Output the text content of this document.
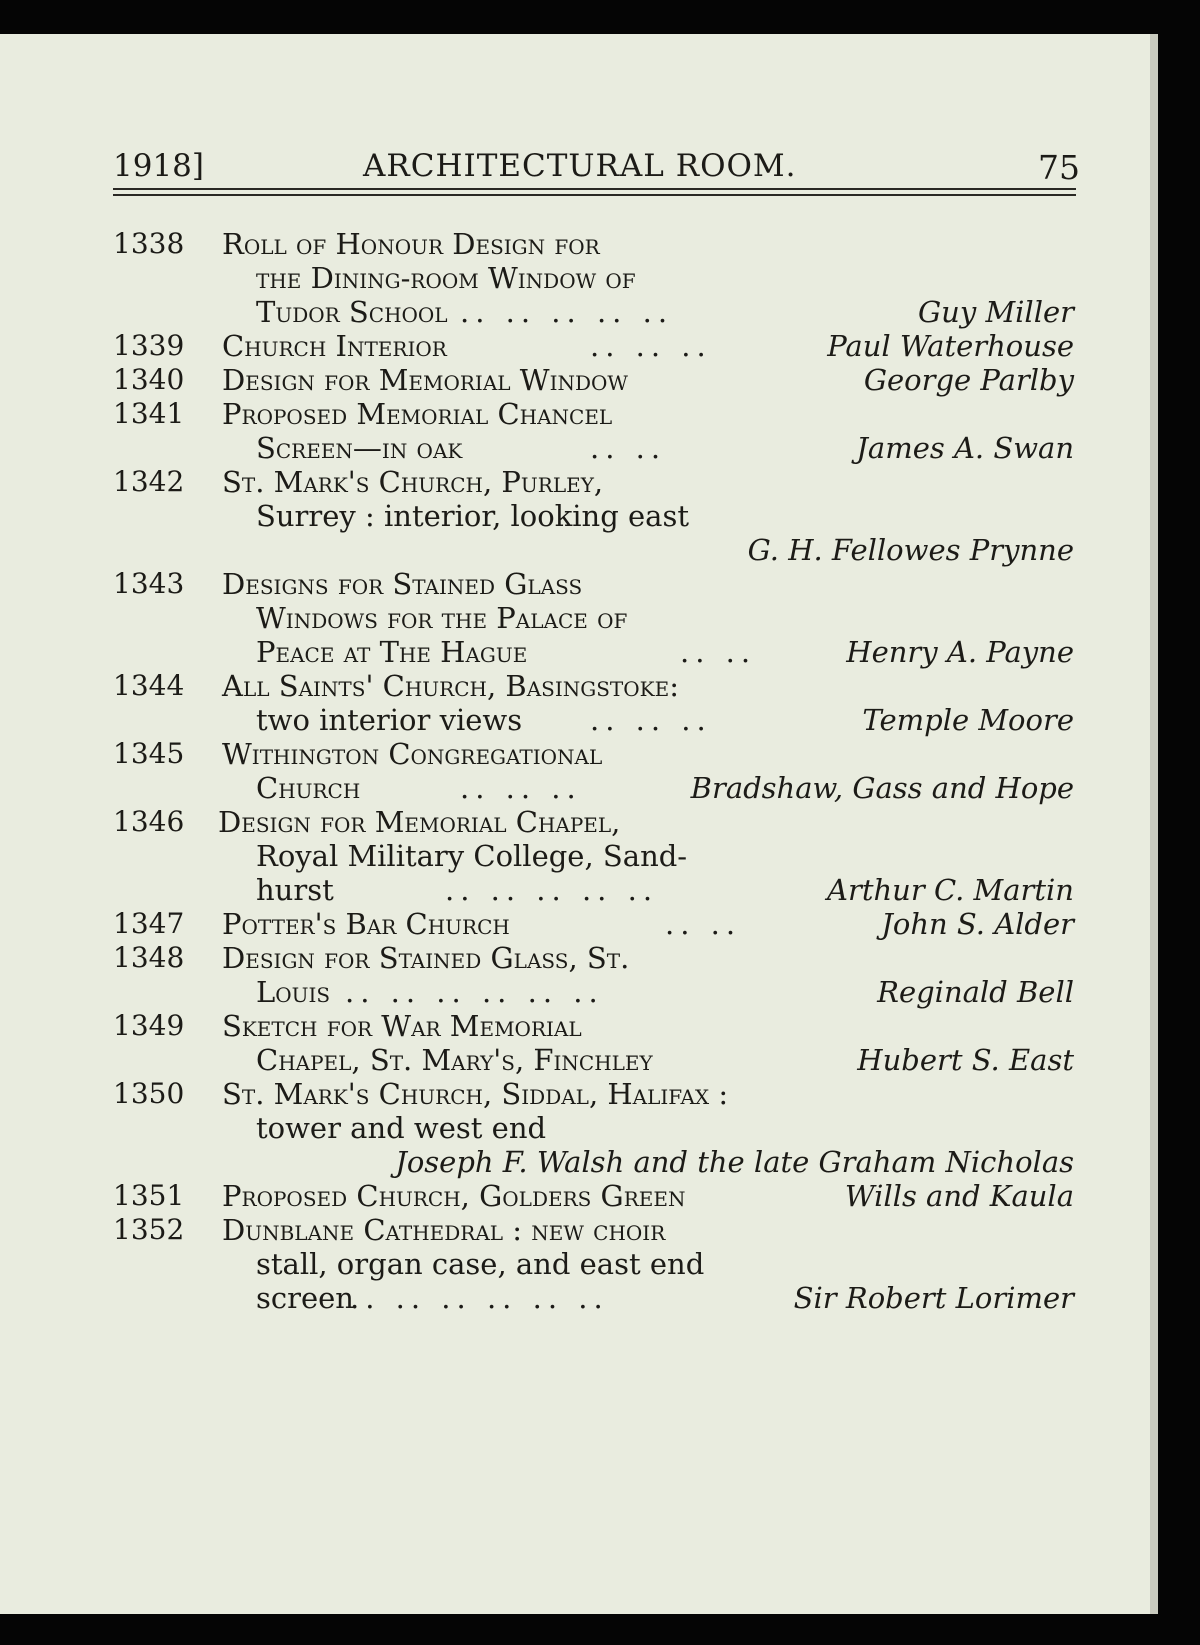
1918]	ARCHITECTURAL ROOM.	75
1338 Roll of Honour Design for
the Dining-room Window of
Tudor School .. .. .. .. ..	Guy Miller
1339 Church Interior	.. .. ..	Paul Waterhouse
1340 Design for Memorial Window	George Parlby
1341 Proposed Memorial Chancel
Screen—in oak	.. ..	James A. Swan
1342 St. Mark's Church, Purley,
Surrey : interior, looking east
G. H. Fellowes Prynne
1343 Designs for Stained Glass
Windows for the Palace of
Peace at The Hague	.. ..	Henry A. Payne
1344 All Saints' Church, Basingstoke:
two interior views .. .. ..	Temple Moore
1345 Withington Congregational
Church	.. .. ..	Bradshaw, Gass and Hope
1346 Design for Memorial Chapel,
Royal Military College, Sand-
hurst	.. .. .. .. ..	Arthur C. Martin
1347 Potter's Bar Church	.. ..	John S. Alder
1348 Design for Stained Glass, St.
Louis .. .. .. .. .. ..	Reginald Bell
1349 Sketch for War Memorial
Chapel, St. Mary's, Finchley	Hubert S. East
1350 St. Mark's Church, Siddal, Halifax :
tower and west end
Joseph F. Walsh and the late Graham Nicholas
1351 Proposed Church, Golders Green	Wills and Kaula
1352 Dunblane Cathedral : new choir
stall, organ case, and east end
screen
.. .. .. .. .. ..	Sir Robert Lorimer
